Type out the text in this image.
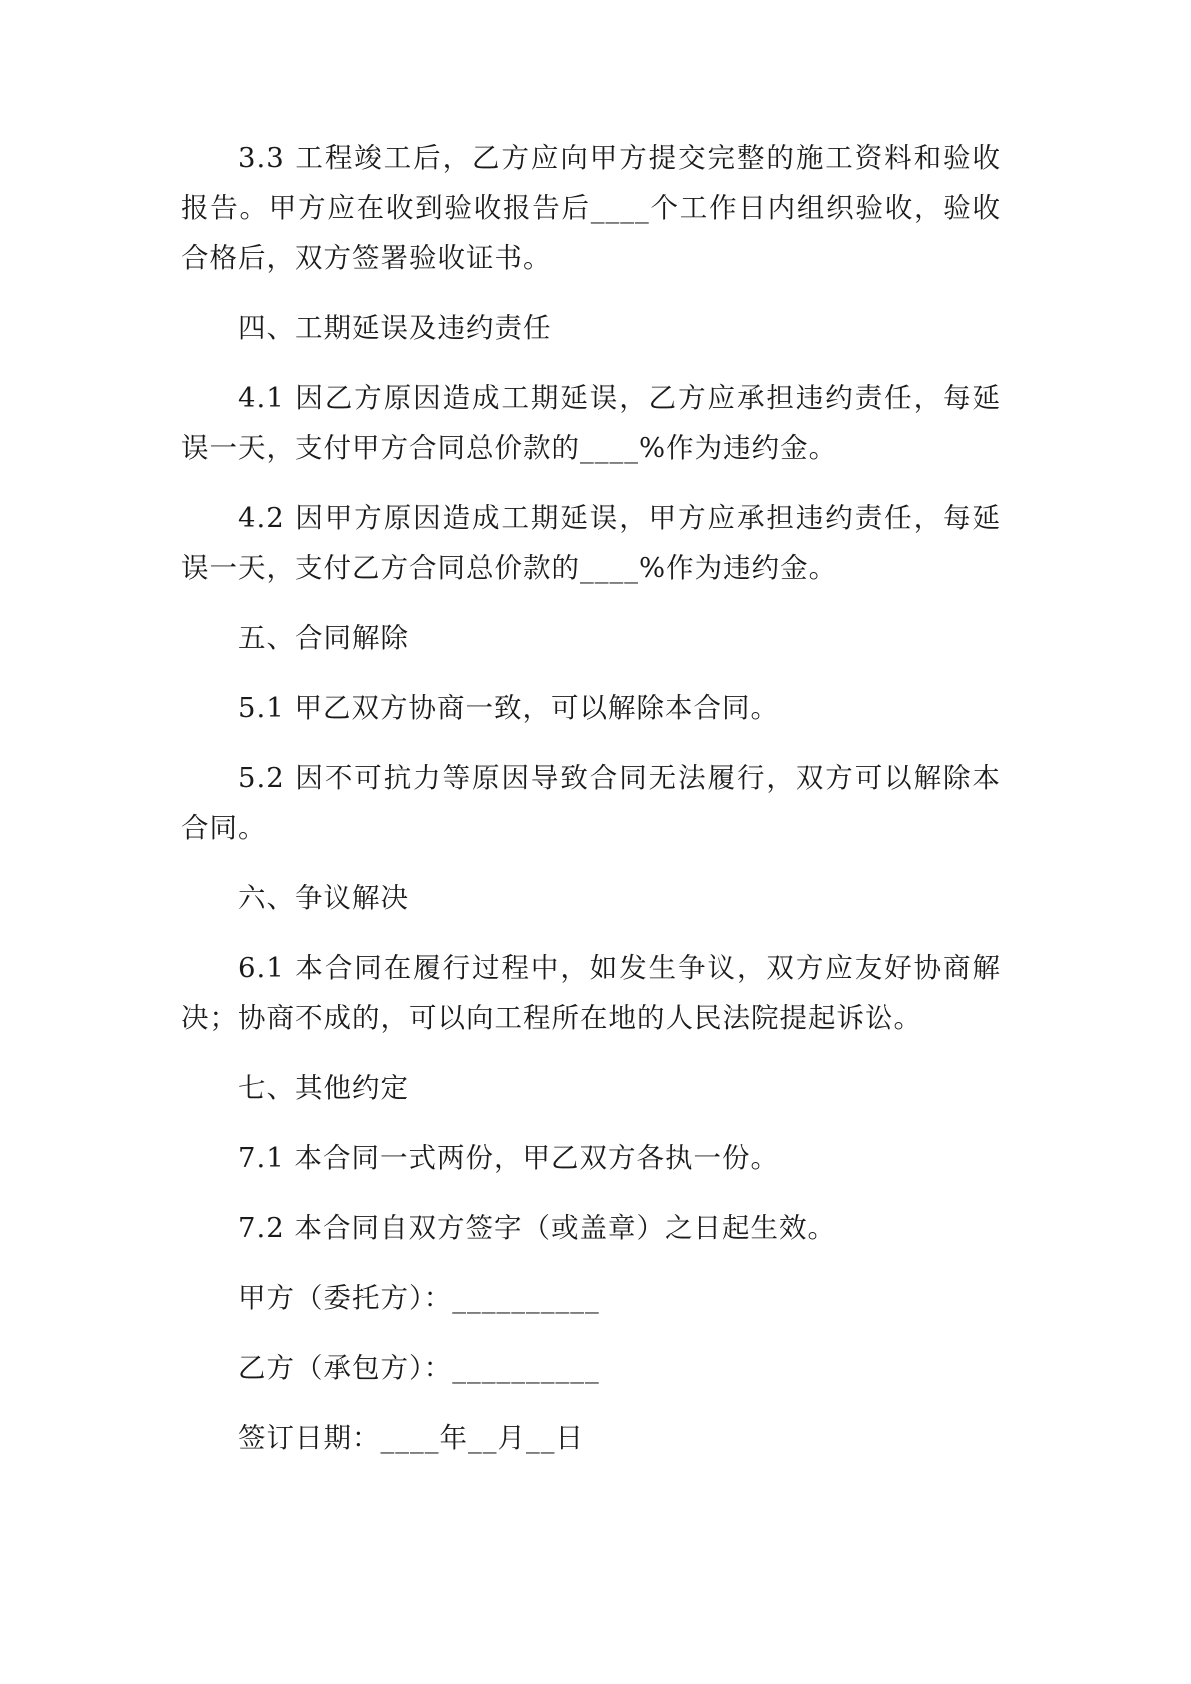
3.3 工程竣工后，乙方应向甲方提交完整的施工资料和验收报告。甲方应在收到验收报告后____个工作日内组织验收，验收合格后，双方签署验收证书。

四、工期延误及违约责任

4.1 因乙方原因造成工期延误，乙方应承担违约责任，每延误一天，支付甲方合同总价款的____%作为违约金。

4.2 因甲方原因造成工期延误，甲方应承担违约责任，每延误一天，支付乙方合同总价款的____%作为违约金。

五、合同解除

5.1 甲乙双方协商一致，可以解除本合同。

5.2 因不可抗力等原因导致合同无法履行，双方可以解除本合同。

六、争议解决

6.1 本合同在履行过程中，如发生争议，双方应友好协商解决；协商不成的，可以向工程所在地的人民法院提起诉讼。

七、其他约定

7.1 本合同一式两份，甲乙双方各执一份。

7.2 本合同自双方签字（或盖章）之日起生效。

甲方（委托方）：__________

乙方（承包方）：__________

签订日期：____年__月__日
